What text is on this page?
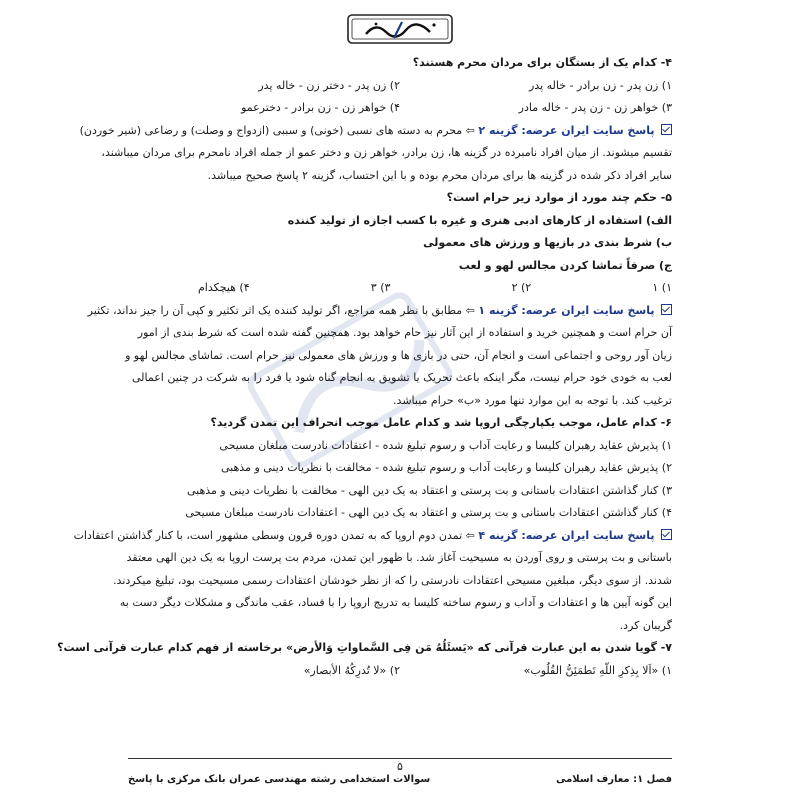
۴- کدام یک از بستگان برای مردان محرم هستند؟
۱) زن پدر - زن برادر - خاله پدر
۲) زن پدر - دختر زن - خاله پدر
۳) خواهر زن - زن پدر - خاله مادر
۴) خواهر زن - زن برادر - دخترعمو
پاسخ سایت ایران عرضه: گزینه ۲ ⇦ محرم به دسته های نسبی (خونی) و سببی (ازدواج و وصلت) و رضاعی (شیر خوردن)
تقسیم میشوند. از میان افراد نامبرده در گزینه ها، زن برادر، خواهر زن و دختر عمو از جمله افراد نامحرم برای مردان میباشند،
سایر افراد ذکر شده در گزینه ها برای مردان محرم بوده و با این احتساب، گزینه ۲ پاسخ صحیح میباشد.
۵- حکم چند مورد از موارد زیر حرام است؟
الف) استفاده از کارهای ادبی هنری و غیره با کسب اجازه از تولید کننده
ب) شرط بندی در بازیها و ورزش های معمولی
ج) صرفاً تماشا کردن مجالس لهو و لعب
۱) ۱
۲) ۲
۳) ۳
۴) هیچکدام
پاسخ سایت ایران عرضه: گزینه ۱ ⇦ مطابق با نظر همه مراجع، اگر تولید کننده یک اثر تکثیر و کپی آن را جیز نداند، تکثیر
آن حرام است و همچنین خرید و استفاده از این آثار نیز حام خواهد بود. همچنین گفته شده است که شرط بندی از امور
زیان آور روحی و اجتماعی است و انجام آن، حتی در بازی ها و ورزش های معمولی نیز حرام است. تماشای مجالس لهو و
لعب به خودی خود حرام نیست، مگر اینکه باعث تحریک یا تشویق به انجام گناه شود یا فرد را به شرکت در چنین اعمالی
ترغیب کند. با توجه به این موارد تنها مورد «ب» حرام میباشد.
۶- کدام عامل، موجب یکپارچگی اروپا شد و کدام عامل موجب انحراف این تمدن گردید؟
۱) پذیرش عقاید رهبران کلیسا و رعایت آداب و رسوم تبلیغ شده - اعتقادات نادرست مبلغان مسیحی
۲) پذیرش عقاید رهبران کلیسا و رعایت آداب و رسوم تبلیغ شده - مخالفت با نظریات دینی و مذهبی
۳) کنار گذاشتن اعتقادات باستانی و بت پرستی و اعتقاد به یک دین الهی - مخالفت با نظریات دینی و مذهبی
۴) کنار گذاشتن اعتقادات باستانی و بت پرستی و اعتقاد به یک دین الهی - اعتقادات نادرست مبلغان مسیحی
پاسخ سایت ایران عرضه: گزینه ۴ ⇦ تمدن دوم اروپا که به تمدن دوره قرون وسطی مشهور است، با کنار گذاشتن اعتقادات
باستانی و بت پرستی و روی آوردن به مسیحیت آغاز شد. با ظهور این تمدن، مردم بت پرست اروپا به یک دین الهی معتقد
شدند. از سوی دیگر، مبلغین مسیحی اعتقادات نادرستی را که از نظر خودشان اعتقادات رسمی مسیحیت بود، تبلیغ میکردند.
این گونه آیین ها و اعتقادات و آداب و رسوم ساخته کلیسا به تدریج اروپا را با فساد، عقب ماندگی و مشکلات دیگر دست به
گریبان کرد.
۷- گویا شدن به این عبارت قرآنی که «یَسئَلُهُ مَن فِی السَّماواتِ وَالأرض» برخاسته از فهم کدام عبارت قرآنی است؟
۱) «اَلا بِذِکرِ اللّهِ تَطمَئِنُّ القُلُوب»
۲) «لا تُدرِکُهُ الأبصار»
۵
فصل ۱: معارف اسلامی
سوالات استخدامی رشته مهندسی عمران بانک مرکزی با پاسخ
